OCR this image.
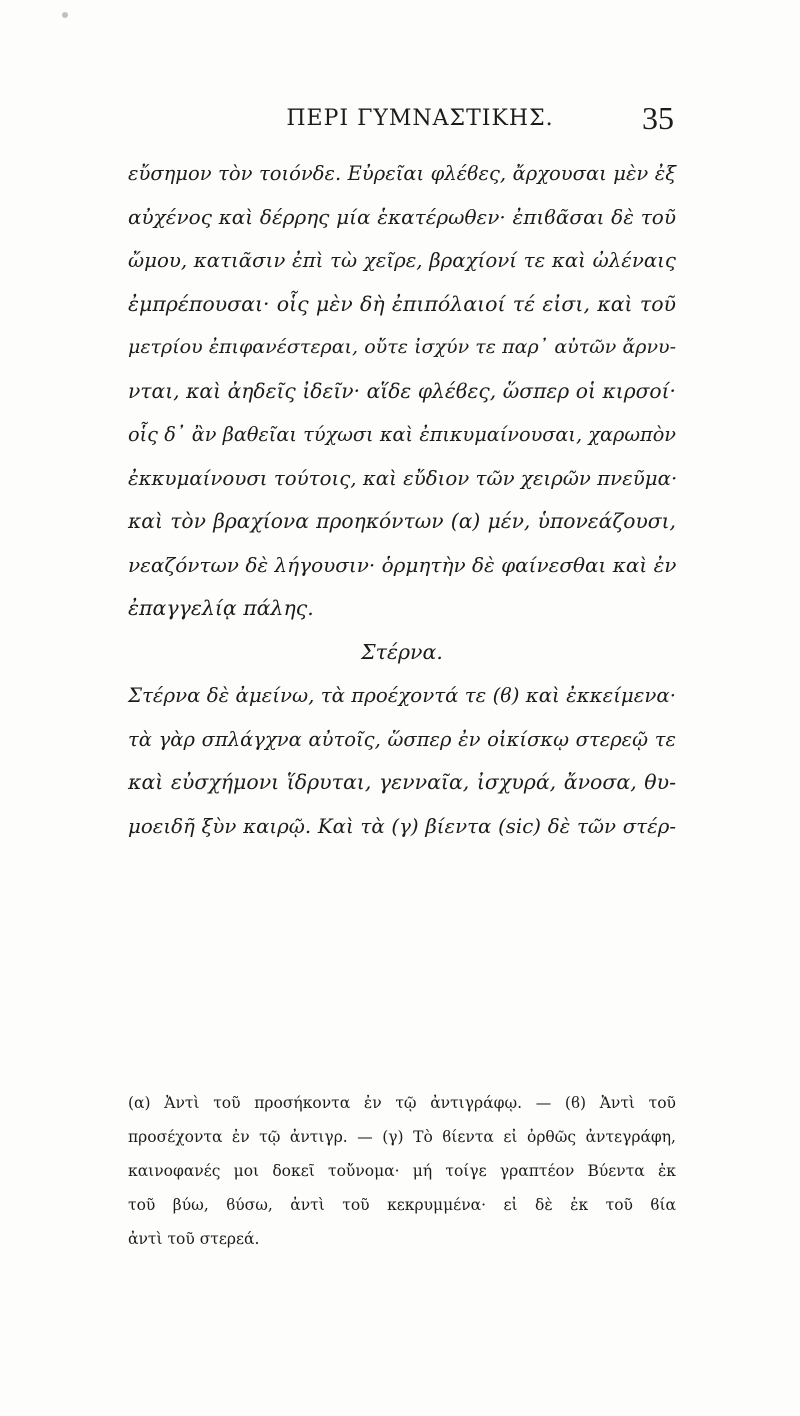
ΠΕΡΙ ΓΥΜΝΑΣΤΙΚΗΣ.	35

εὔσημον τὸν τοιόνδε. Εὐρεῖαι φλέϐες, ἄρχουσαι μὲν ἐξ
αὐχένος καὶ δέρρης μία ἑκατέρωθεν· ἐπιϐᾶσαι δὲ τοῦ
ὤμου, κατιᾶσιν ἐπὶ τὼ χεῖρε, βραχίονί τε καὶ ὠλέναις
ἐμπρέπουσαι· οἷς μὲν δὴ ἐπιπόλαιοί τέ εἰσι, καὶ τοῦ
μετρίου ἐπιφανέστεραι, οὔτε ἰσχύν τε παρ᾽ αὐτῶν ἄρνυ-
νται, καὶ ἀηδεῖς ἰδεῖν· αἵδε φλέϐες, ὥσπερ οἱ κιρσοί·
οἷς δ᾽ ἂν βαθεῖαι τύχωσι καὶ ἐπικυμαίνουσαι, χαρωπὸν
ἐκκυμαίνουσι τούτοις, καὶ εὔδιον τῶν χειρῶν πνεῦμα·
καὶ τὸν βραχίονα προηκόντων (α) μέν, ὑπονεάζουσι,
νεαζόντων δὲ λήγουσιν· ὁρμητὴν δὲ φαίνεσθαι καὶ ἐν
ἐπαγγελίᾳ πάλης.

Στέρνα.

Στέρνα δὲ ἀμείνω, τὰ προέχοντά τε (ϐ) καὶ ἐκκείμενα·
τὰ γὰρ σπλάγχνα αὐτοῖς, ὥσπερ ἐν οἰκίσκῳ στερεῷ τε
καὶ εὐσχήμονι ἵδρυται, γενναῖα, ἰσχυρά, ἄνοσα, θυ-
μοειδῆ ξὺν καιρῷ. Καὶ τὰ (γ) βίεντα (sic) δὲ τῶν στέρ-

(α) Ἀντὶ τοῦ προσήκοντα ἐν τῷ ἀντιγράφῳ. — (ϐ) Ἀντὶ τοῦ
προσέχοντα ἐν τῷ ἀντιγρ. — (γ) Τὸ ϐίεντα εἰ ὀρθῶς ἀντεγράφη,
καινοφανές μοι δοκεῖ τοὔνομα· μή τοίγε γραπτέον Βύεντα ἐκ
τοῦ βύω, ϐύσω, ἀντὶ τοῦ κεκρυμμένα· εἰ δὲ ἐκ τοῦ ϐία
ἀντὶ τοῦ στερεά.
